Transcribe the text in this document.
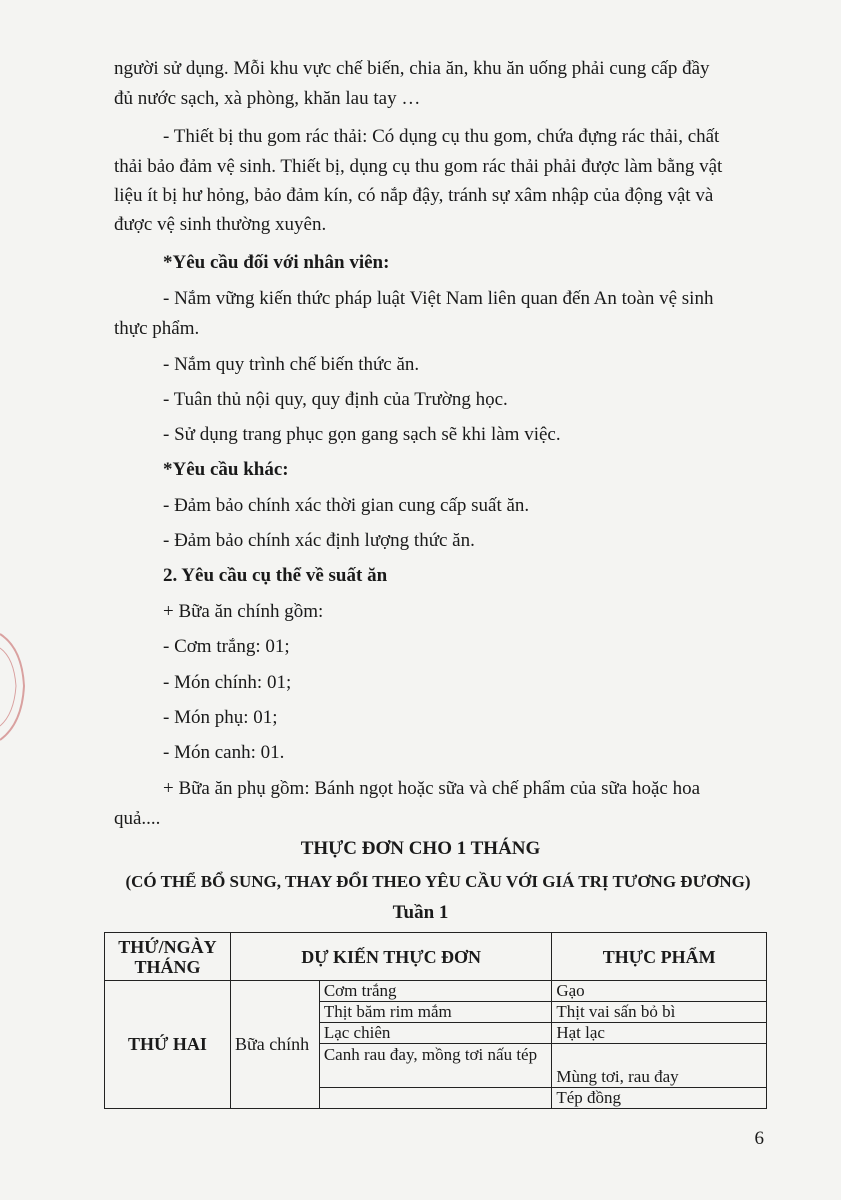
người sử dụng. Mỗi khu vực chế biến, chia ăn, khu ăn uống phải cung cấp đầy
đủ nước sạch, xà phòng, khăn lau tay …
- Thiết bị thu gom rác thải: Có dụng cụ thu gom, chứa đựng rác thải, chất
thải bảo đảm vệ sinh. Thiết bị, dụng cụ thu gom rác thải phải được làm bằng vật
liệu ít bị hư hỏng, bảo đảm kín, có nắp đậy, tránh sự xâm nhập của động vật và
được vệ sinh thường xuyên.
*Yêu cầu đối với nhân viên:
- Nắm vững kiến thức pháp luật Việt Nam liên quan đến An toàn vệ sinh
thực phẩm.
- Nắm quy trình chế biến thức ăn.
- Tuân thủ nội quy, quy định của Trường học.
- Sử dụng trang phục gọn gang sạch sẽ khi làm việc.
*Yêu cầu khác:
- Đảm bảo chính xác thời gian cung cấp suất ăn.
- Đảm bảo chính xác định lượng thức ăn.
2. Yêu cầu cụ thể về suất ăn
+ Bữa ăn chính gồm:
- Cơm trắng: 01;
- Món chính: 01;
- Món phụ: 01;
- Món canh: 01.
+ Bữa ăn phụ gồm: Bánh ngọt hoặc sữa và chế phẩm của sữa hoặc hoa
quả....
THỰC ĐƠN CHO 1 THÁNG
(CÓ THỂ BỔ SUNG, THAY ĐỔI THEO YÊU CẦU VỚI GIÁ TRỊ TƯƠNG ĐƯƠNG)
Tuần 1
THỨ/NGÀY
THÁNG	DỰ KIẾN THỰC ĐƠN		THỰC PHẨM
THỨ HAI	Bữa chính	Cơm trắng	Gạo
		Thịt băm rim mắm	Thịt vai sấn bỏ bì
		Lạc chiên	Hạt lạc
		Canh rau đay, mồng tơi nấu tép	Mùng tơi, rau đay
			Tép đồng
6
